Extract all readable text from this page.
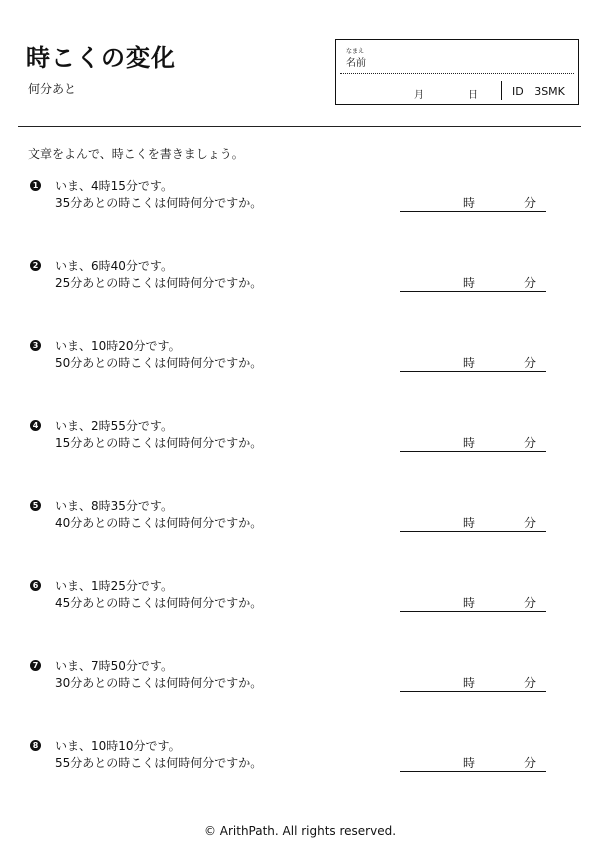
時こくの変化
何分あと
なまえ
名前
月	日	ID   3SMK
文章をよんで、時こくを書きましょう。
1 いま、4時15分です。
35分あとの時こくは何時何分ですか。	時	分
2 いま、6時40分です。
25分あとの時こくは何時何分ですか。	時	分
3 いま、10時20分です。
50分あとの時こくは何時何分ですか。	時	分
4 いま、2時55分です。
15分あとの時こくは何時何分ですか。	時	分
5 いま、8時35分です。
40分あとの時こくは何時何分ですか。	時	分
6 いま、1時25分です。
45分あとの時こくは何時何分ですか。	時	分
7 いま、7時50分です。
30分あとの時こくは何時何分ですか。	時	分
8 いま、10時10分です。
55分あとの時こくは何時何分ですか。	時	分
© ArithPath. All rights reserved.
